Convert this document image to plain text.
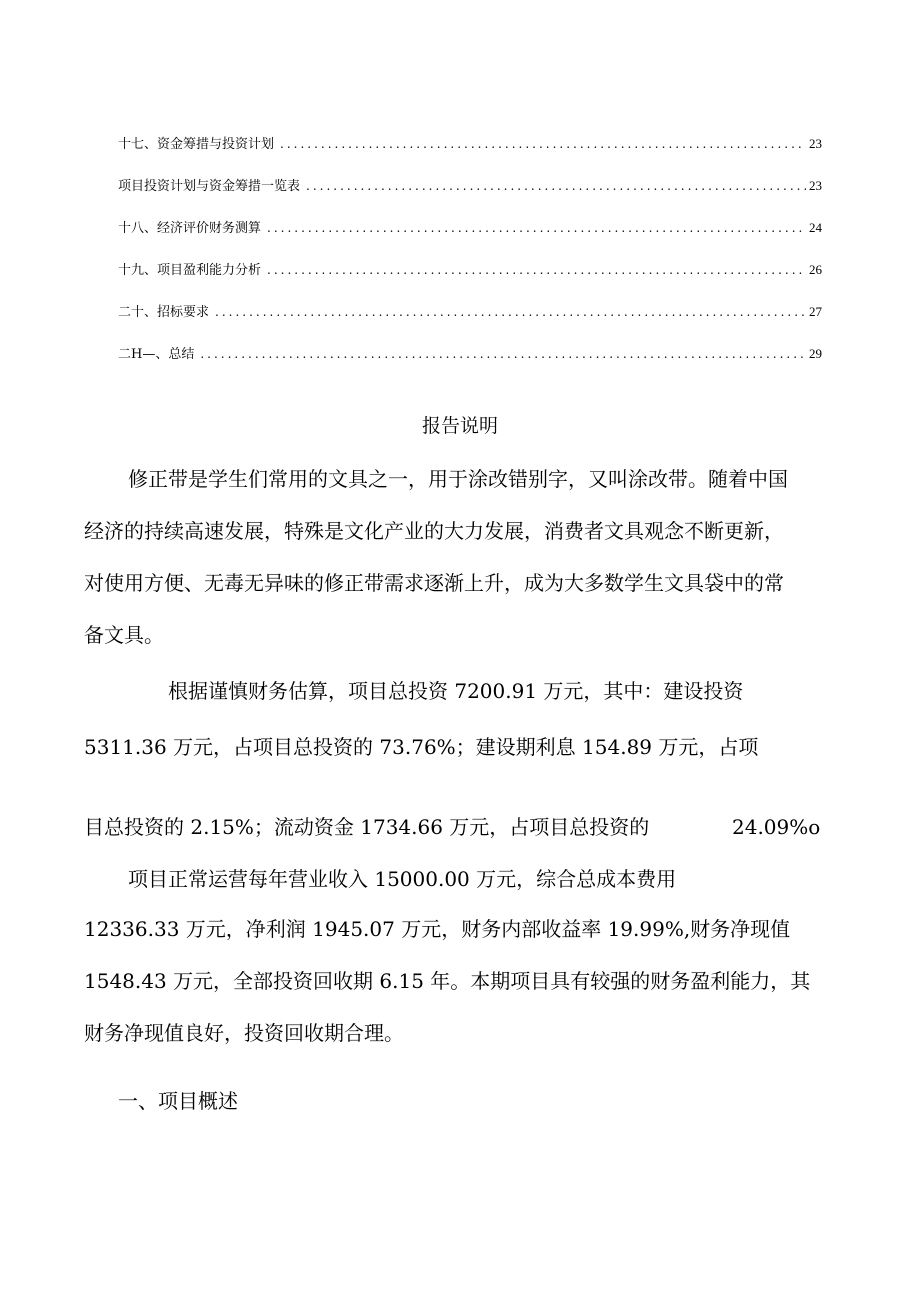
十七、资金筹措与投资计划 .....	23
项目投资计划与资金筹措一览表 .....	23
十八、经济评价财务测算 .....	24
十九、项目盈利能力分析 .....	26
二十、招标要求 .....	27
二H—、总结 .....	29
报告说明
修正带是学生们常用的文具之一，用于涂改错别字，又叫涂改带。随着中国
经济的持续高速发展，特殊是文化产业的大力发展，消费者文具观念不断更新，
对使用方便、无毒无异味的修正带需求逐渐上升，成为大多数学生文具袋中的常
备文具。
根据谨慎财务估算，项目总投资 7200.91 万元，其中：建设投资
5311.36 万元，占项目总投资的 73.76%；建设期利息 154.89 万元，占项
目总投资的 2.15%；流动资金 1734.66 万元，占项目总投资的	24.09%o
项目正常运营每年营业收入 15000.00 万元，综合总成本费用
12336.33 万元，净利润 1945.07 万元，财务内部收益率 19.99%,财务净现值
1548.43 万元，全部投资回收期 6.15 年。本期项目具有较强的财务盈利能力，其
财务净现值良好，投资回收期合理。
一、项目概述
